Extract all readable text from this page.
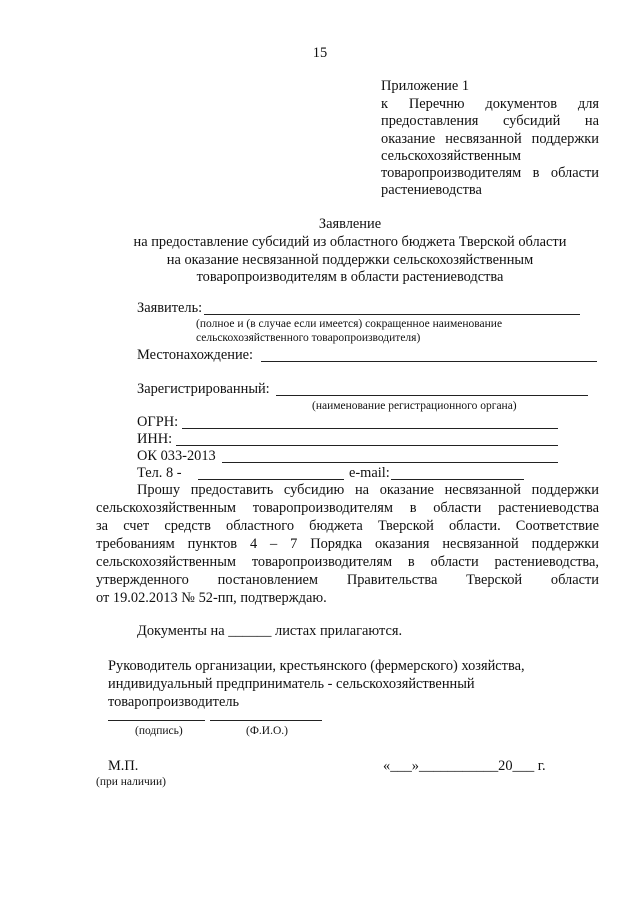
15
Приложение 1
к Перечню документов для
предоставления субсидий на
оказание несвязанной поддержки
сельскохозяйственным
товаропроизводителям в области
растениеводства
Заявление
на предоставление субсидий из областного бюджета Тверской области
на оказание несвязанной поддержки сельскохозяйственным
товаропроизводителям в области растениеводства
Заявитель:
(полное и (в случае если имеется) сокращенное наименование
сельскохозяйственного товаропроизводителя)
Местонахождение:
Зарегистрированный:
(наименование регистрационного органа)
ОГРН:
ИНН:
ОК 033-2013
Тел. 8 -	e-mail:
Прошу предоставить субсидию на оказание несвязанной поддержки
сельскохозяйственным товаропроизводителям в области растениеводства
за счет средств областного бюджета Тверской области. Соответствие
требованиям пунктов 4 – 7 Порядка оказания несвязанной поддержки
сельскохозяйственным товаропроизводителям в области растениеводства,
утвержденного постановлением Правительства Тверской области
от 19.02.2013 № 52-пп, подтверждаю.
Документы на ______ листах прилагаются.
Руководитель организации, крестьянского (фермерского) хозяйства,
индивидуальный предприниматель - сельскохозяйственный
товаропроизводитель
(подпись)	(Ф.И.О.)
М.П.
(при наличии)
«___»___________20___ г.
